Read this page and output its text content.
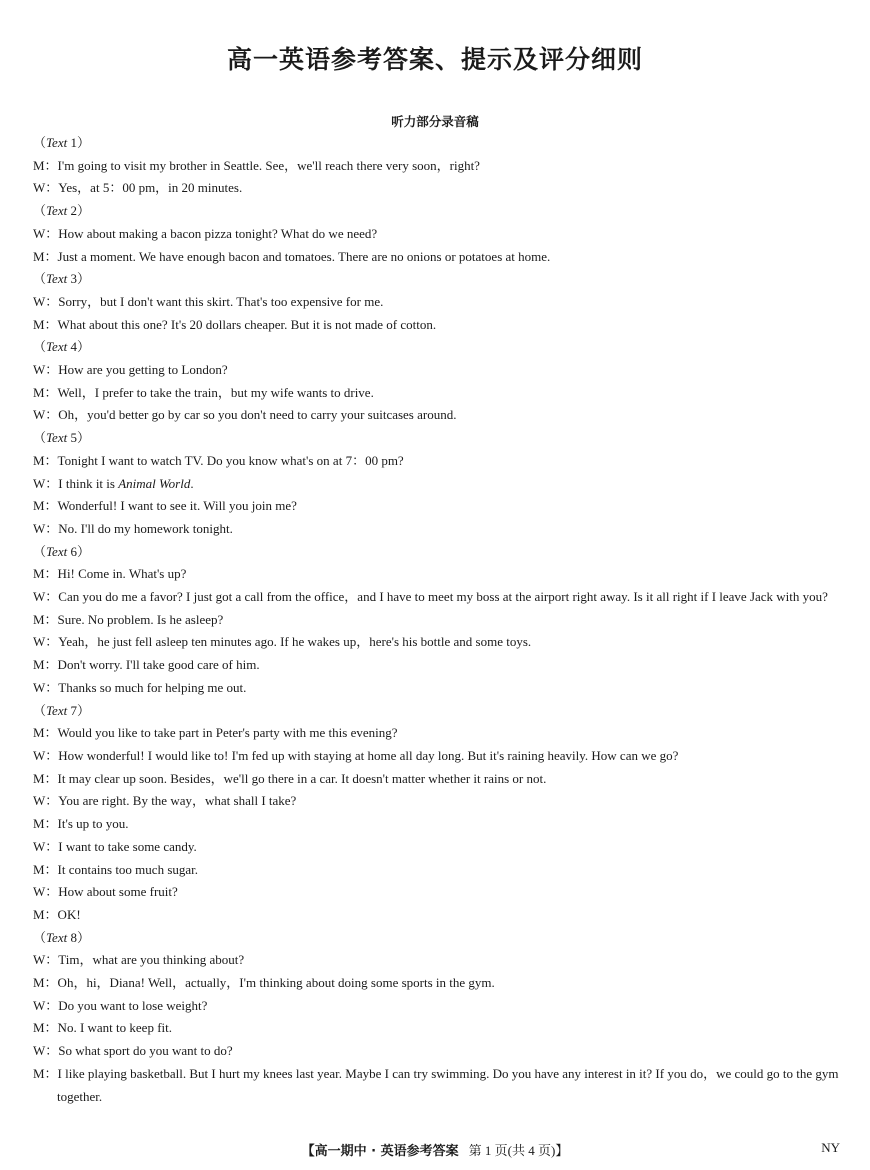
高一英语参考答案、提示及评分细则
听力部分录音稿
（Text 1）
M：I'm going to visit my brother in Seattle. See，we'll reach there very soon，right?
W：Yes，at 5：00 pm，in 20 minutes.
（Text 2）
W：How about making a bacon pizza tonight? What do we need?
M：Just a moment. We have enough bacon and tomatoes. There are no onions or potatoes at home.
（Text 3）
W：Sorry，but I don't want this skirt. That's too expensive for me.
M：What about this one? It's 20 dollars cheaper. But it is not made of cotton.
（Text 4）
W：How are you getting to London?
M：Well，I prefer to take the train，but my wife wants to drive.
W：Oh，you'd better go by car so you don't need to carry your suitcases around.
（Text 5）
M：Tonight I want to watch TV. Do you know what's on at 7：00 pm?
W：I think it is Animal World.
M：Wonderful! I want to see it. Will you join me?
W：No. I'll do my homework tonight.
（Text 6）
M：Hi! Come in. What's up?
W：Can you do me a favor? I just got a call from the office，and I have to meet my boss at the airport right away. Is it all right if I leave Jack with you?
M：Sure. No problem. Is he asleep?
W：Yeah，he just fell asleep ten minutes ago. If he wakes up，here's his bottle and some toys.
M：Don't worry. I'll take good care of him.
W：Thanks so much for helping me out.
（Text 7）
M：Would you like to take part in Peter's party with me this evening?
W：How wonderful! I would like to! I'm fed up with staying at home all day long. But it's raining heavily. How can we go?
M：It may clear up soon. Besides，we'll go there in a car. It doesn't matter whether it rains or not.
W：You are right. By the way，what shall I take?
M：It's up to you.
W：I want to take some candy.
M：It contains too much sugar.
W：How about some fruit?
M：OK!
（Text 8）
W：Tim，what are you thinking about?
M：Oh，hi，Diana! Well，actually，I'm thinking about doing some sports in the gym.
W：Do you want to lose weight?
M：No. I want to keep fit.
W：So what sport do you want to do?
M：I like playing basketball. But I hurt my knees last year. Maybe I can try swimming. Do you have any interest in it? If you do，we could go to the gym together.
【高一期中 · 英语参考答案 第 1 页(共 4 页)】	NY
